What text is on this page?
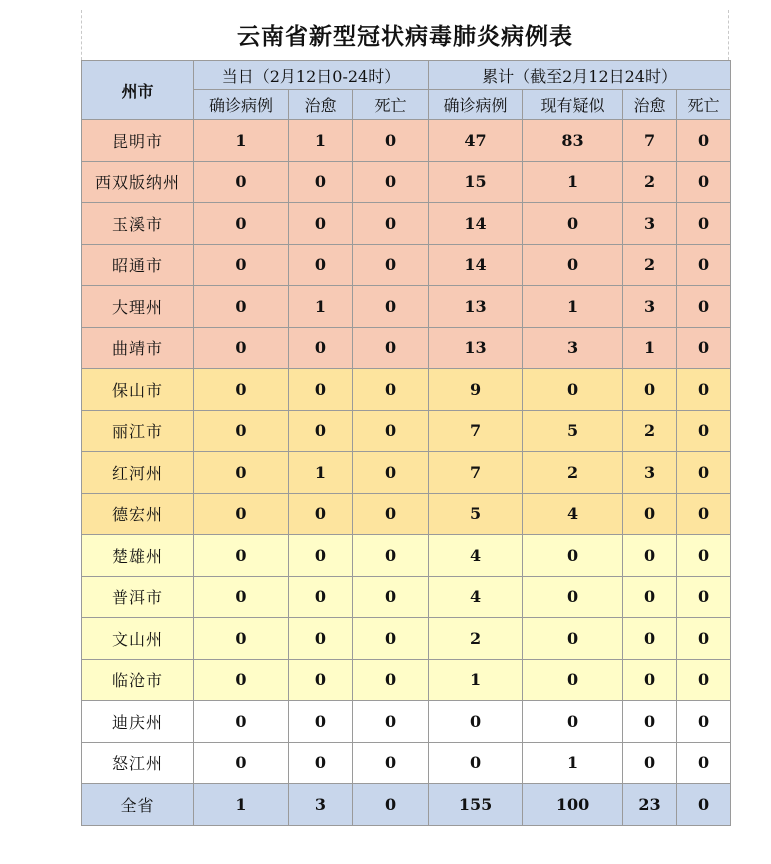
云南省新型冠状病毒肺炎病例表
州市	当日（2月12日0-24时）			累计（截至2月12日24时）			
	确诊病例	治愈	死亡	确诊病例	现有疑似	治愈	死亡
昆明市	1	1	0	47	83	7	0
西双版纳州	0	0	0	15	1	2	0
玉溪市	0	0	0	14	0	3	0
昭通市	0	0	0	14	0	2	0
大理州	0	1	0	13	1	3	0
曲靖市	0	0	0	13	3	1	0
保山市	0	0	0	9	0	0	0
丽江市	0	0	0	7	5	2	0
红河州	0	1	0	7	2	3	0
德宏州	0	0	0	5	4	0	0
楚雄州	0	0	0	4	0	0	0
普洱市	0	0	0	4	0	0	0
文山州	0	0	0	2	0	0	0
临沧市	0	0	0	1	0	0	0
迪庆州	0	0	0	0	0	0	0
怒江州	0	0	0	0	1	0	0
全省	1	3	0	155	100	23	0
